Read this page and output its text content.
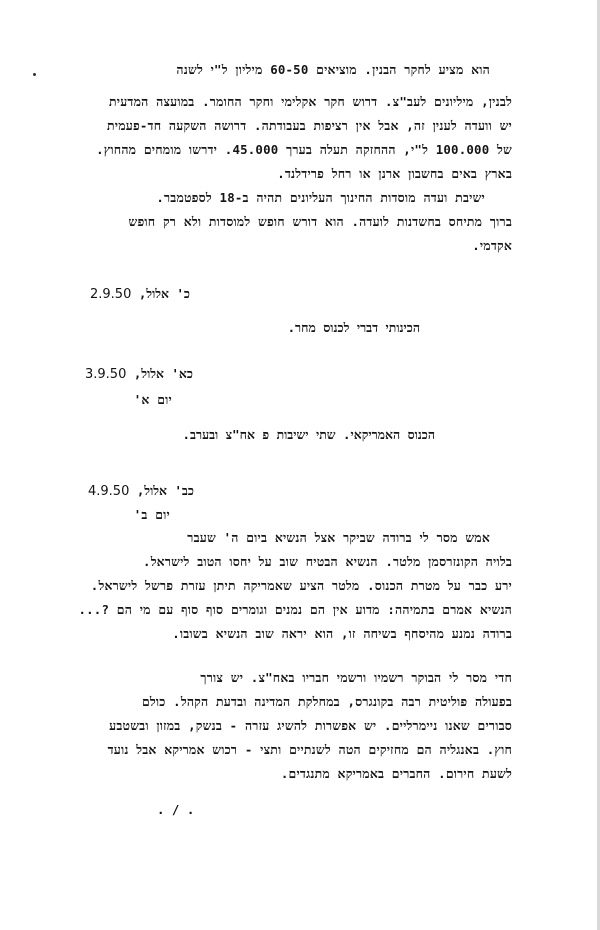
הוא מציע לחקר הבנין. מוציאים 60-50 מיליון ל"י לשנה
לבנין, מיליונים לעב"צ. דרוש חקר אקלימי וחקר החומר. במועצה המדעית
יש וועדה לענין זה, אבל אין רציפות בעבודתה. דרושה השקעה חד-פעמית
של 100.000 ל"י, ההחזקה תעלה בערך 45.000. ידרשו מומחים מהחוץ.
בארץ באים בחשבון ארנן או רחל פרידלנד.
ישיבת ועדה מוסדות החינוך העליונים תהיה ב-18 לספטמבר.
ברוך מתיחס בחשדנות לועדה. הוא דורש חופש למוסדות ולא רק חופש
אקדמי.
כ' אלול, 2.9.50
הכינותי דברי לכנוס מחר.
כא' אלול, 3.9.50
יום א'
הכנוס האמריקאי. שתי ישיבות פ אח"צ ובערב.
כב' אלול, 4.9.50
יום ב'
אמש מסר לי ברודה שביקר אצל הנשיא ביום ה' שעבר
בלויה הקונזרסמן מלטר. הנשיא הבטיח שוב על יחסו הטוב לישראל.
ירע כבר על מטרת הכנוס. מלטר הציע שאמריקה תיתן עזרת פרשל לישראל.
הנשיא אמרם בתמיהה: מדוע אין הם נמנים וגומרים סוף סוף עם מי הם ?...
ברודה נמנע מהיסחף בשיחה זו, הוא יראה שוב הנשיא בשובו.
חדי מסר לי הבוקר רשמיו ורשמי חבריו באח"צ. יש צורך
בפעולה פוליטית רבה בקונגרס, במחלקת המדינה ובדעת הקהל. כולם
סבורים שאנו ניימרליים. יש אפשרות להשיג עזרה - בנשק, במזון ובשטבע
חוץ. באנגליה הם מחזיקים הטה לשנתיים ותצי - רכוש אמריקא אבל נועד
לשעת חירום. החברים באמריקא מתנגדים.
. / .
